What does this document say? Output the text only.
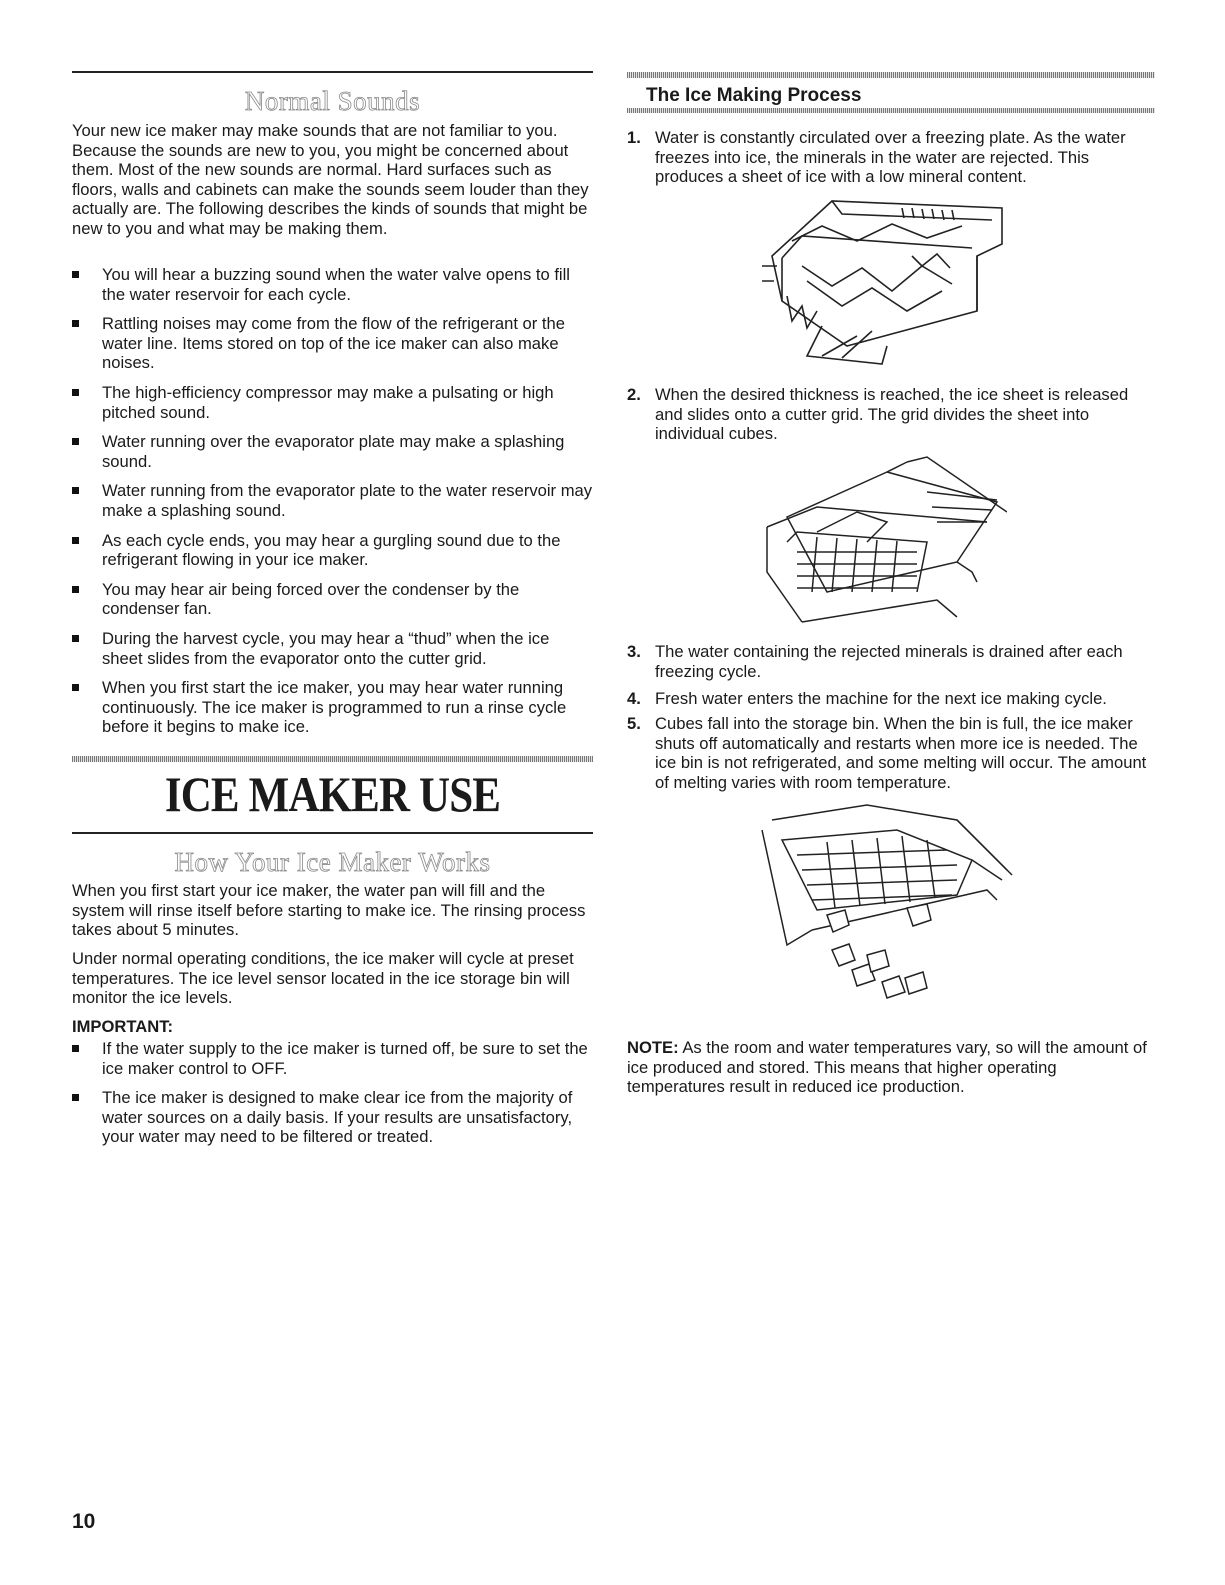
Normal Sounds

Your new ice maker may make sounds that are not familiar to you. Because the sounds are new to you, you might be concerned about them. Most of the new sounds are normal. Hard surfaces such as floors, walls and cabinets can make the sounds seem louder than they actually are. The following describes the kinds of sounds that might be new to you and what may be making them.

You will hear a buzzing sound when the water valve opens to fill the water reservoir for each cycle.
Rattling noises may come from the flow of the refrigerant or the water line. Items stored on top of the ice maker can also make noises.
The high-efficiency compressor may make a pulsating or high pitched sound.
Water running over the evaporator plate may make a splashing sound.
Water running from the evaporator plate to the water reservoir may make a splashing sound.
As each cycle ends, you may hear a gurgling sound due to the refrigerant flowing in your ice maker.
You may hear air being forced over the condenser by the condenser fan.
During the harvest cycle, you may hear a “thud” when the ice sheet slides from the evaporator onto the cutter grid.
When you first start the ice maker, you may hear water running continuously. The ice maker is programmed to run a rinse cycle before it begins to make ice.
ICE MAKER USE
How Your Ice Maker Works

When you first start your ice maker, the water pan will fill and the system will rinse itself before starting to make ice. The rinsing process takes about 5 minutes.

Under normal operating conditions, the ice maker will cycle at preset temperatures. The ice level sensor located in the ice storage bin will monitor the ice levels.

IMPORTANT:
If the water supply to the ice maker is turned off, be sure to set the ice maker control to OFF.
The ice maker is designed to make clear ice from the majority of water sources on a daily basis. If your results are unsatisfactory, your water may need to be filtered or treated.
The Ice Making Process
1. Water is constantly circulated over a freezing plate. As the water freezes into ice, the minerals in the water are rejected. This produces a sheet of ice with a low mineral content.
2. When the desired thickness is reached, the ice sheet is released and slides onto a cutter grid. The grid divides the sheet into individual cubes.
3. The water containing the rejected minerals is drained after each freezing cycle.
4. Fresh water enters the machine for the next ice making cycle.
5. Cubes fall into the storage bin. When the bin is full, the ice maker shuts off automatically and restarts when more ice is needed. The ice bin is not refrigerated, and some melting will occur. The amount of melting varies with room temperature.

NOTE: As the room and water temperatures vary, so will the amount of ice produced and stored. This means that higher operating temperatures result in reduced ice production.

10
